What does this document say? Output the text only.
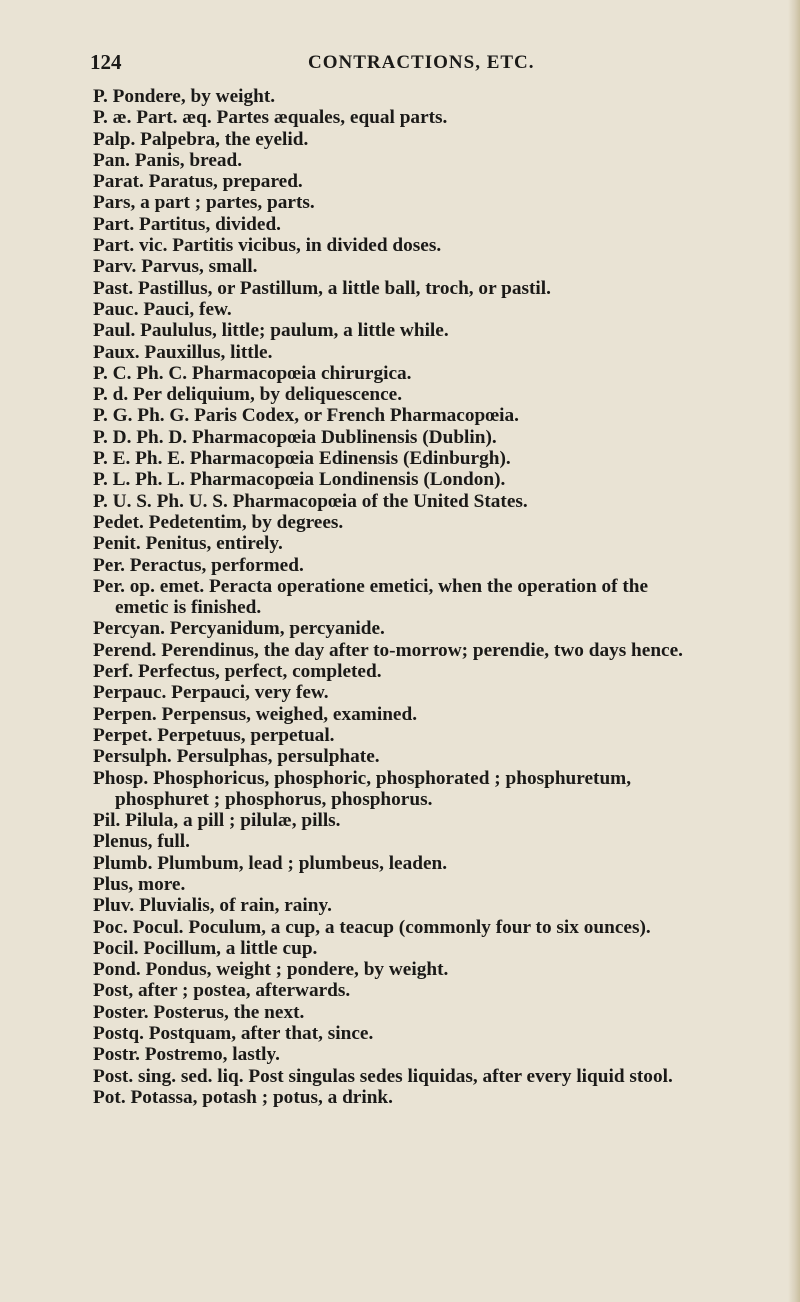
124	CONTRACTIONS, ETC.
P. Pondere, by weight.
P. æ. Part. æq. Partes æquales, equal parts.
Palp. Palpebra, the eyelid.
Pan. Panis, bread.
Parat. Paratus, prepared.
Pars, a part ; partes, parts.
Part. Partitus, divided.
Part. vic. Partitis vicibus, in divided doses.
Parv. Parvus, small.
Past. Pastillus, or Pastillum, a little ball, troch, or pastil.
Pauc. Pauci, few.
Paul. Paululus, little; paulum, a little while.
Paux. Pauxillus, little.
P. C. Ph. C. Pharmacopœia chirurgica.
P. d. Per deliquium, by deliquescence.
P. G. Ph. G. Paris Codex, or French Pharmacopœia.
P. D. Ph. D. Pharmacopœia Dublinensis (Dublin).
P. E. Ph. E. Pharmacopœia Edinensis (Edinburgh).
P. L. Ph. L. Pharmacopœia Londinensis (London).
P. U. S. Ph. U. S. Pharmacopœia of the United States.
Pedet. Pedetentim, by degrees.
Penit. Penitus, entirely.
Per. Peractus, performed.
Per. op. emet. Peracta operatione emetici, when the operation of the
emetic is finished.
Percyan. Percyanidum, percyanide.
Perend. Perendinus, the day after to-morrow; perendie, two days hence.
Perf. Perfectus, perfect, completed.
Perpauc. Perpauci, very few.
Perpen. Perpensus, weighed, examined.
Perpet. Perpetuus, perpetual.
Persulph. Persulphas, persulphate.
Phosp. Phosphoricus, phosphoric, phosphorated ; phosphuretum,
phosphuret ; phosphorus, phosphorus.
Pil. Pilula, a pill ; pilulæ, pills.
Plenus, full.
Plumb. Plumbum, lead ; plumbeus, leaden.
Plus, more.
Pluv. Pluvialis, of rain, rainy.
Poc. Pocul. Poculum, a cup, a teacup (commonly four to six ounces).
Pocil. Pocillum, a little cup.
Pond. Pondus, weight ; pondere, by weight.
Post, after ; postea, afterwards.
Poster. Posterus, the next.
Postq. Postquam, after that, since.
Postr. Postremo, lastly.
Post. sing. sed. liq. Post singulas sedes liquidas, after every liquid stool.
Pot. Potassa, potash ; potus, a drink.
